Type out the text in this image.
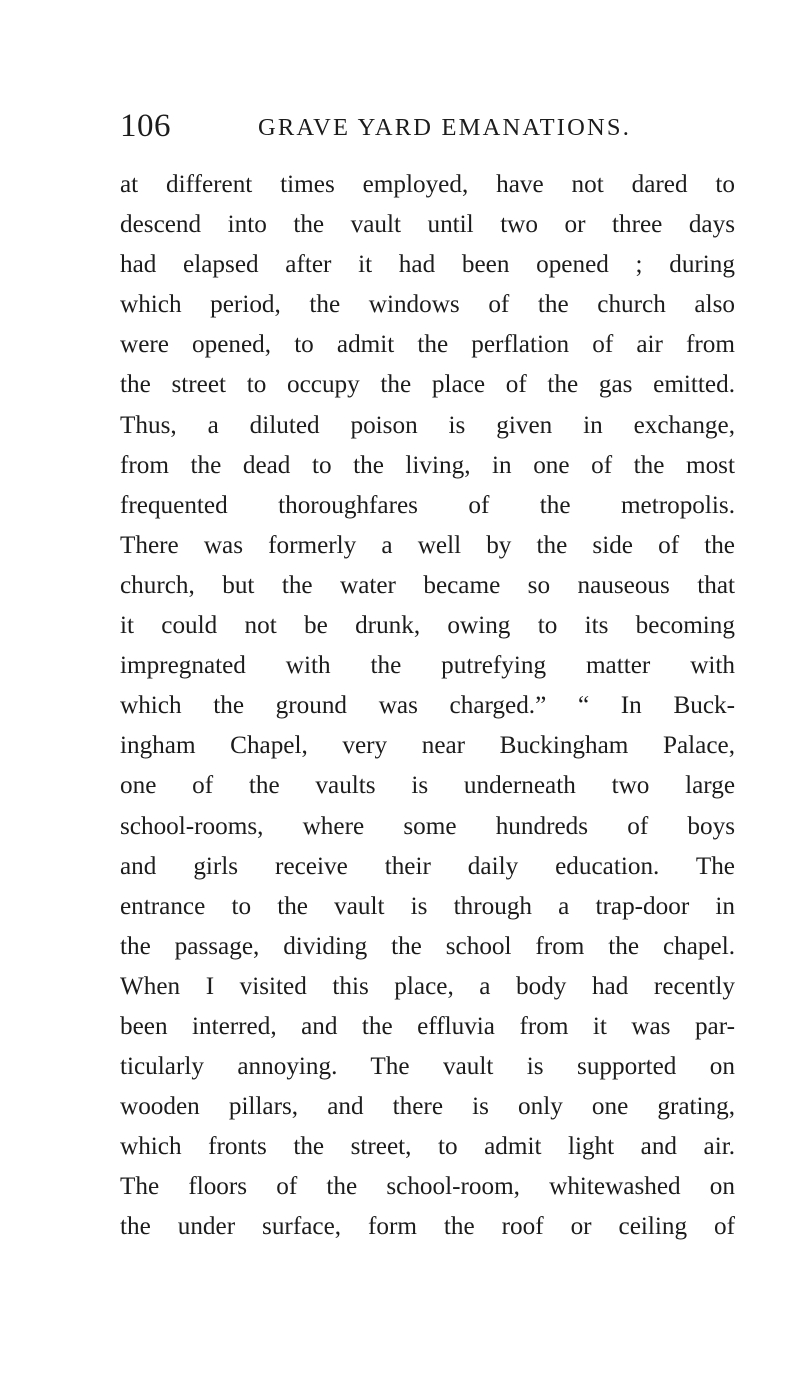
106	GRAVE YARD EMANATIONS.
at different times employed, have not dared to
descend into the vault until two or three days
had elapsed after it had been opened ; during
which period, the windows of the church also
were opened, to admit the perflation of air from
the street to occupy the place of the gas emitted.
Thus, a diluted poison is given in exchange,
from the dead to the living, in one of the most
frequented thoroughfares of the metropolis.
There was formerly a well by the side of the
church, but the water became so nauseous that
it could not be drunk, owing to its becoming
impregnated with the putrefying matter with
which the ground was charged.” “ In Buck-
ingham Chapel, very near Buckingham Palace,
one of the vaults is underneath two large
school-rooms, where some hundreds of boys
and girls receive their daily education. The
entrance to the vault is through a trap-door in
the passage, dividing the school from the chapel.
When I visited this place, a body had recently
been interred, and the effluvia from it was par-
ticularly annoying. The vault is supported on
wooden pillars, and there is only one grating,
which fronts the street, to admit light and air.
The floors of the school-room, whitewashed on
the under surface, form the roof or ceiling of
